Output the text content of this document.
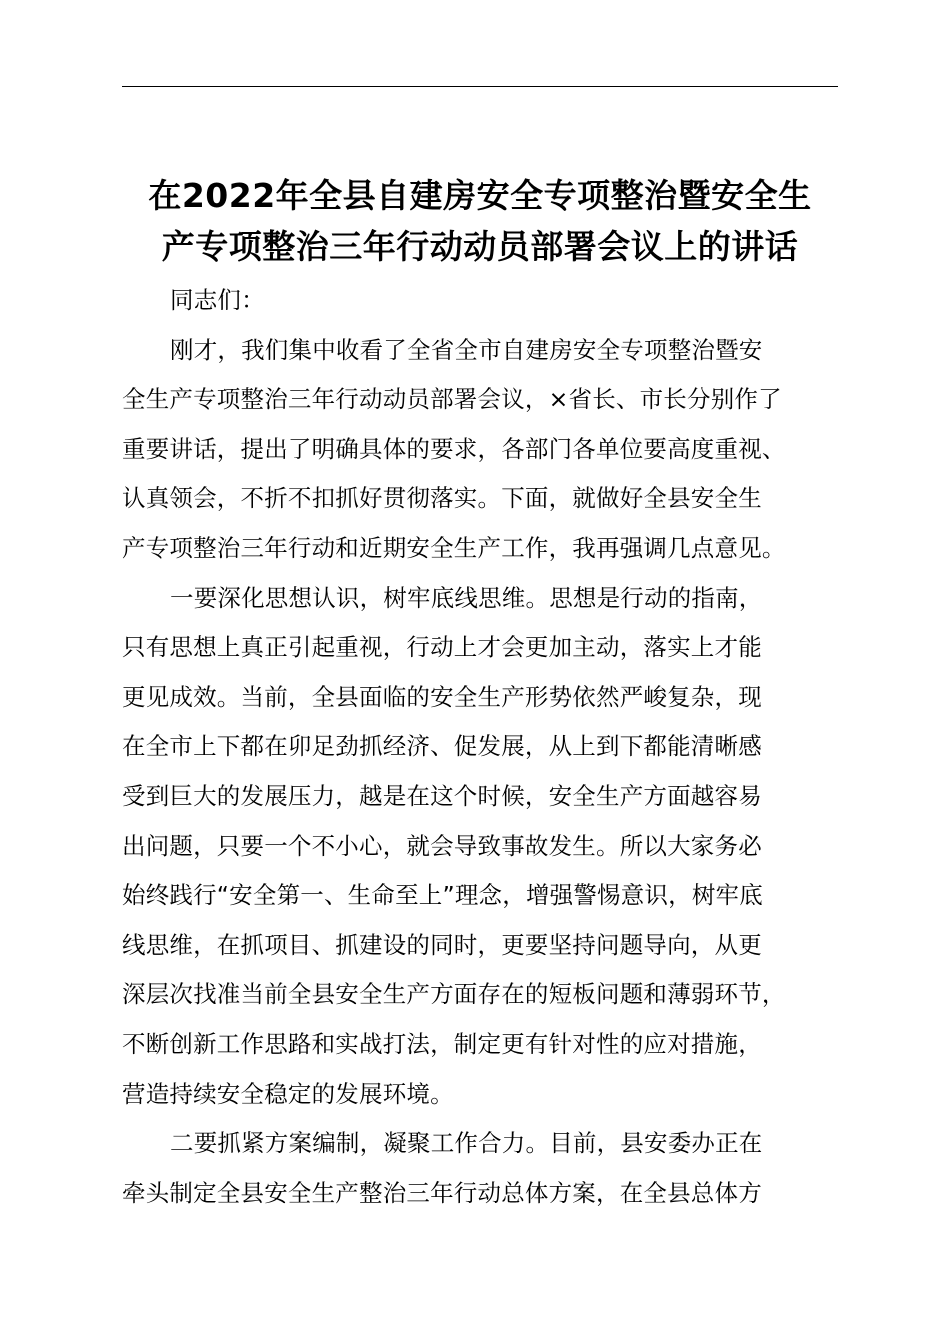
在2022年全县自建房安全专项整治暨安全生
产专项整治三年行动动员部署会议上的讲话
同志们：
刚才，我们集中收看了全省全市自建房安全专项整治暨安
全生产专项整治三年行动动员部署会议，×省长、市长分别作了
重要讲话，提出了明确具体的要求，各部门各单位要高度重视、
认真领会，不折不扣抓好贯彻落实。下面，就做好全县安全生
产专项整治三年行动和近期安全生产工作，我再强调几点意见。
一要深化思想认识，树牢底线思维。思想是行动的指南，
只有思想上真正引起重视，行动上才会更加主动，落实上才能
更见成效。当前，全县面临的安全生产形势依然严峻复杂，现
在全市上下都在卯足劲抓经济、促发展，从上到下都能清晰感
受到巨大的发展压力，越是在这个时候，安全生产方面越容易
出问题，只要一个不小心，就会导致事故发生。所以大家务必
始终践行“安全第一、生命至上”理念，增强警惕意识，树牢底
线思维，在抓项目、抓建设的同时，更要坚持问题导向，从更
深层次找准当前全县安全生产方面存在的短板问题和薄弱环节，
不断创新工作思路和实战打法，制定更有针对性的应对措施，
营造持续安全稳定的发展环境。
二要抓紧方案编制，凝聚工作合力。目前，县安委办正在
牵头制定全县安全生产整治三年行动总体方案，在全县总体方
